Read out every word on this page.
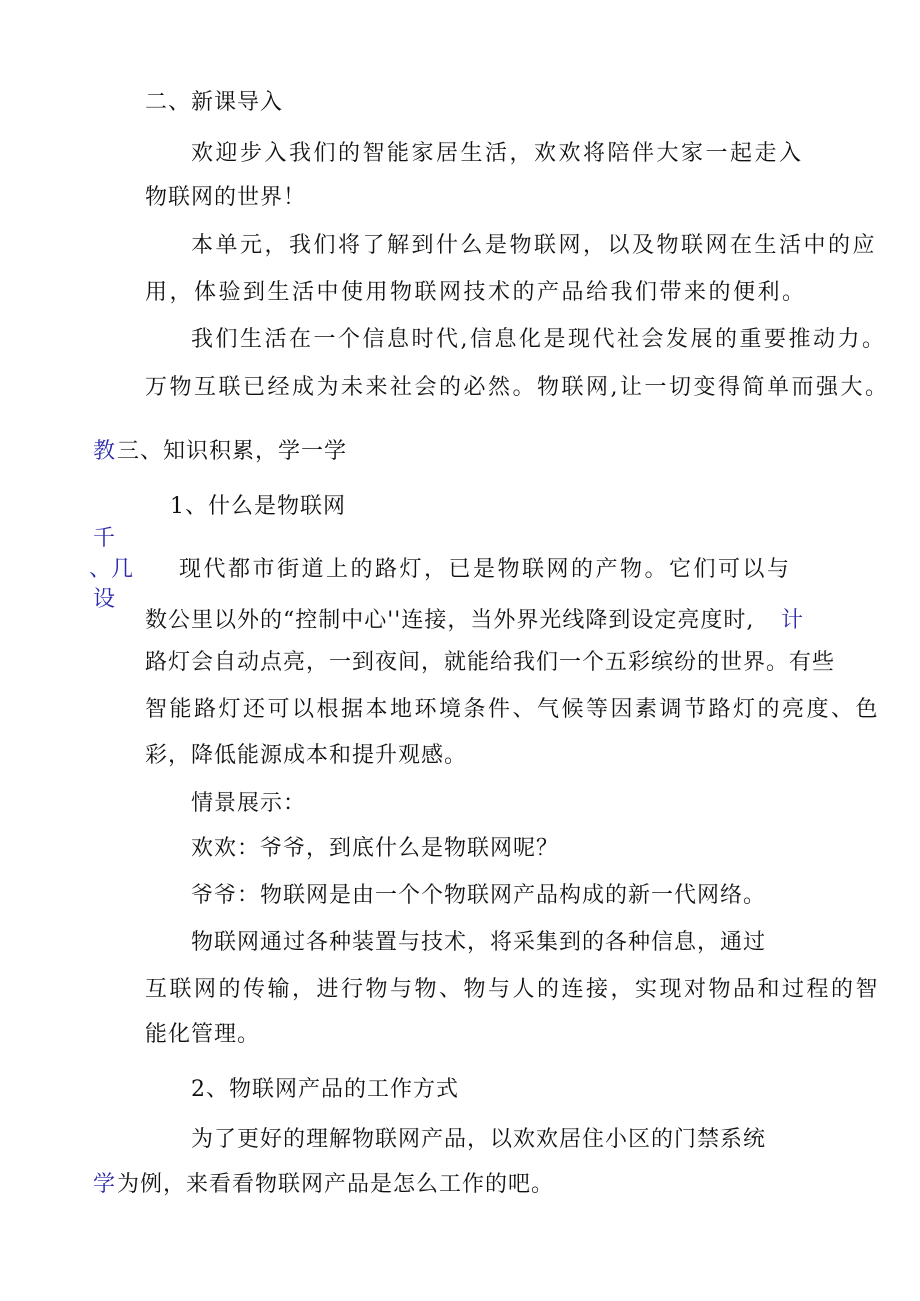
二、新课导入
欢迎步入我们的智能家居生活，欢欢将陪伴大家一起走入
物联网的世界！
本单元，我们将了解到什么是物联网，以及物联网在生活中的应
用，体验到生活中使用物联网技术的产品给我们带来的便利。
我们生活在一个信息时代,信息化是现代社会发展的重要推动力。
万物互联已经成为未来社会的必然。物联网,让一切变得简单而强大。
教 三、知识积累，学一学
1、什么是物联网
千
、几
设
现代都市街道上的路灯，已是物联网的产物。它们可以与
数公里以外的“控制中心''连接，当外界光线降到设定亮度时, 计
路灯会自动点亮，一到夜间，就能给我们一个五彩缤纷的世界。有些
智能路灯还可以根据本地环境条件、气候等因素调节路灯的亮度、色
彩，降低能源成本和提升观感。
情景展示：
欢欢：爷爷，到底什么是物联网呢？
爷爷：物联网是由一个个物联网产品构成的新一代网络。
物联网通过各种装置与技术，将采集到的各种信息，通过
互联网的传输，进行物与物、物与人的连接，实现对物品和过程的智
能化管理。
2、物联网产品的工作方式
为了更好的理解物联网产品，以欢欢居住小区的门禁系统
学 为例，来看看物联网产品是怎么工作的吧。
